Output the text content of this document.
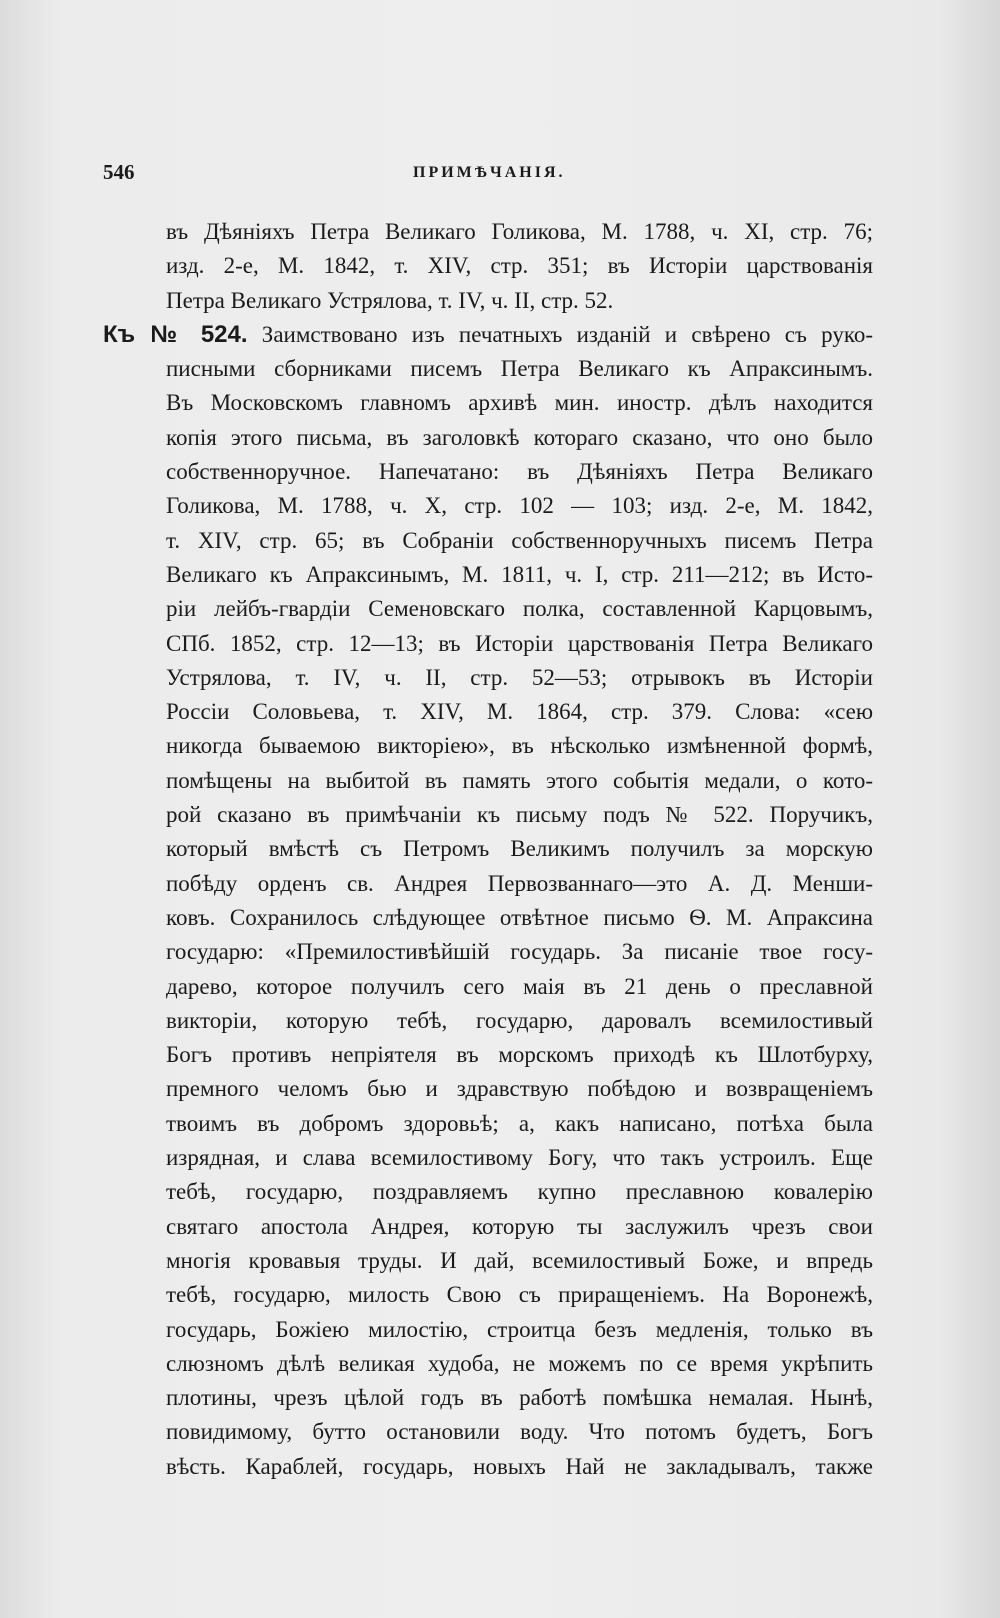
546	ПРИМѢЧАНІЯ.
въ Дѣяніяхъ Петра Великаго Голикова, М. 1788, ч. XI, стр. 76;
изд. 2-е, М. 1842, т. XIV, стр. 351; въ Исторіи царствованія
Петра Великаго Устрялова, т. IV, ч. II, стр. 52.
Къ № 524. Заимствовано изъ печатныхъ изданій и свѣрено съ руко-
писными сборниками писемъ Петра Великаго къ Апраксинымъ.
Въ Московскомъ главномъ архивѣ мин. иностр. дѣлъ находится
копія этого письма, въ заголовкѣ котораго сказано, что оно было
собственноручное. Напечатано: въ Дѣяніяхъ Петра Великаго
Голикова, М. 1788, ч. X, стр. 102 — 103; изд. 2-е, М. 1842,
т. XIV, стр. 65; въ Собраніи собственноручныхъ писемъ Петра
Великаго къ Апраксинымъ, М. 1811, ч. I, стр. 211—212; въ Исто-
ріи лейбъ-гвардіи Семеновскаго полка, составленной Карцовымъ,
СПб. 1852, стр. 12—13; въ Исторіи царствованія Петра Великаго
Устрялова, т. IV, ч. II, стр. 52—53; отрывокъ въ Исторіи
Россіи Соловьева, т. XIV, М. 1864, стр. 379. Слова: «сею
никогда бываемою викторіею», въ нѣсколько измѣненной формѣ,
помѣщены на выбитой въ память этого событія медали, о кото-
рой сказано въ примѣчаніи къ письму подъ № 522. Поручикъ,
который вмѣстѣ съ Петромъ Великимъ получилъ за морскую
побѣду орденъ св. Андрея Первозваннаго—это А. Д. Менши-
ковъ. Сохранилось слѣдующее отвѣтное письмо Ѳ. М. Апраксина
государю: «Премилостивѣйшій государь. За писаніе твое госу-
дарево, которое получилъ сего маія въ 21 день о преславной
викторіи, которую тебѣ, государю, даровалъ всемилостивый
Богъ противъ непріятеля въ морскомъ приходѣ къ Шлотбурху,
премного челомъ бью и здравствую побѣдою и возвращеніемъ
твоимъ въ добромъ здоровьѣ; а, какъ написано, потѣха была
изрядная, и слава всемилостивому Богу, что такъ устроилъ. Еще
тебѣ, государю, поздравляемъ купно преславною ковалерію
святаго апостола Андрея, которую ты заслужилъ чрезъ свои
многія кровавыя труды. И дай, всемилостивый Боже, и впредь
тебѣ, государю, милость Свою съ приращеніемъ. На Воронежѣ,
государь, Божіею милостію, строитца безъ медленія, только въ
слюзномъ дѣлѣ великая худоба, не можемъ по се время укрѣпить
плотины, чрезъ цѣлой годъ въ работѣ помѣшка немалая. Нынѣ,
повидимому, бутто остановили воду. Что потомъ будетъ, Богъ
вѣсть. Караблей, государь, новыхъ Най не закладывалъ, также
